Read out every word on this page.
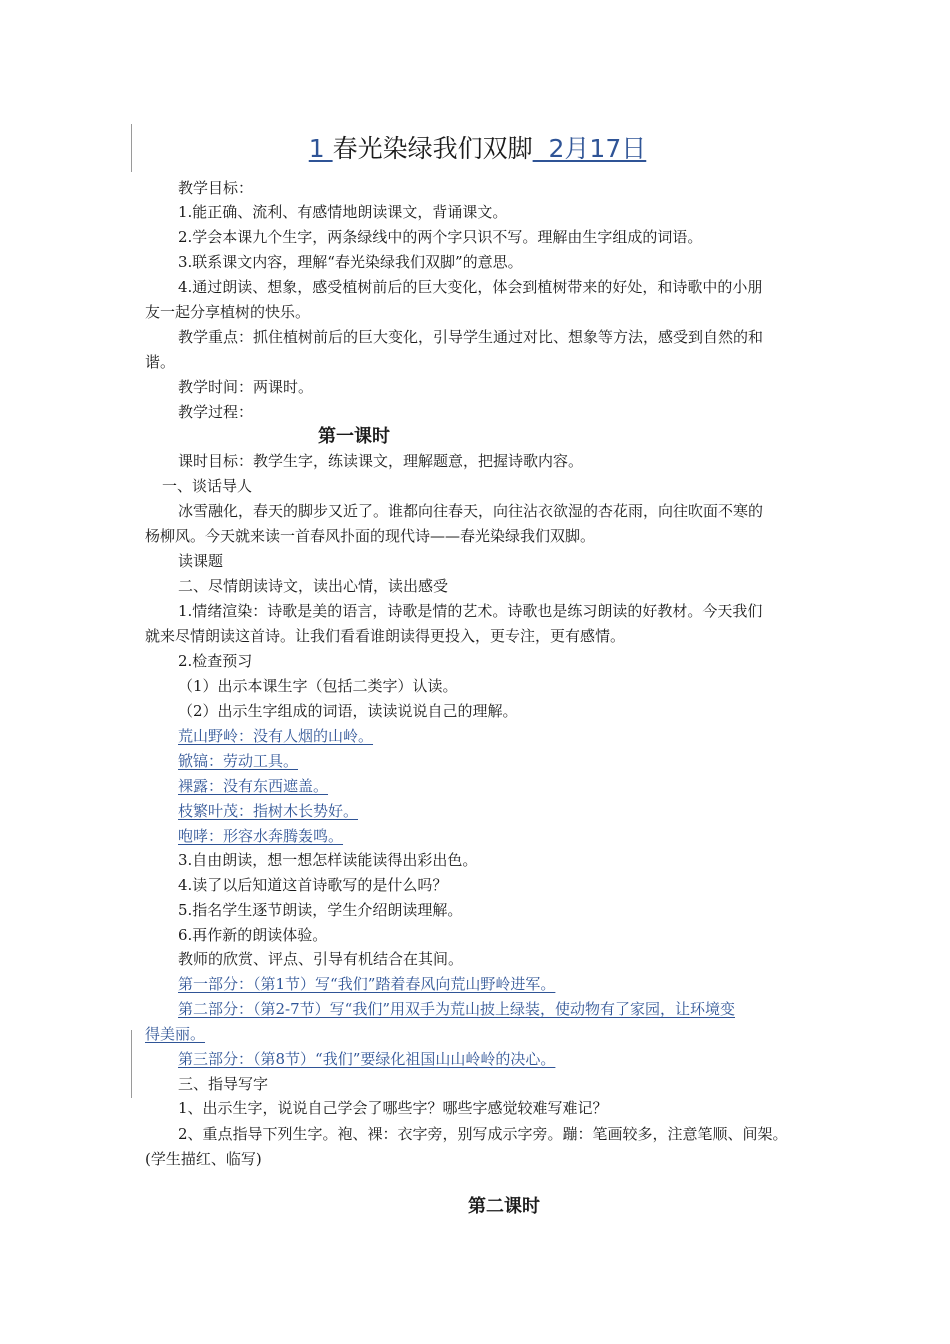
1 春光染绿我们双脚  2月17日
教学目标：
1.能正确、流利、有感情地朗读课文，背诵课文。
2.学会本课九个生字，两条绿线中的两个字只识不写。理解由生字组成的词语。
3.联系课文内容，理解“春光染绿我们双脚”的意思。
4.通过朗读、想象，感受植树前后的巨大变化，体会到植树带来的好处，和诗歌中的小朋
友一起分享植树的快乐。
教学重点：抓住植树前后的巨大变化，引导学生通过对比、想象等方法，感受到自然的和
谐。
教学时间：两课时。
教学过程：
第一课时
课时目标：教学生字，练读课文，理解题意，把握诗歌内容。
一、谈话导人
冰雪融化，春天的脚步又近了。谁都向往春天，向往沾衣欲湿的杏花雨，向往吹面不寒的
杨柳风。今天就来读一首春风扑面的现代诗——春光染绿我们双脚。
读课题
二、尽情朗读诗文，读出心情，读出感受
1.情绪渲染：诗歌是美的语言，诗歌是情的艺术。诗歌也是练习朗读的好教材。今天我们
就来尽情朗读这首诗。让我们看看谁朗读得更投入，更专注，更有感情。
2.检查预习
（1）出示本课生字（包括二类字）认读。
（2）出示生字组成的词语，读读说说自己的理解。
荒山野岭：没有人烟的山岭。
锨镐：劳动工具。
裸露：没有东西遮盖。
枝繁叶茂：指树木长势好。
咆哮：形容水奔腾轰鸣。
3.自由朗读，想一想怎样读能读得出彩出色。
4.读了以后知道这首诗歌写的是什么吗？
5.指名学生逐节朗读，学生介绍朗读理解。
6.再作新的朗读体验。
教师的欣赏、评点、引导有机结合在其间。
第一部分：（第1节）写“我们”踏着春风向荒山野岭进军。
第二部分：（第2-7节）写“我们”用双手为荒山披上绿装，使动物有了家园，让环境变
得美丽。
第三部分：（第8节）“我们”要绿化祖国山山岭岭的决心。
三、指导写字
1、出示生字，说说自己学会了哪些字？哪些字感觉较难写难记？
2、重点指导下列生字。袍、裸：衣字旁，别写成示字旁。蹦：笔画较多，注意笔顺、间架。
(学生描红、临写)
第二课时
